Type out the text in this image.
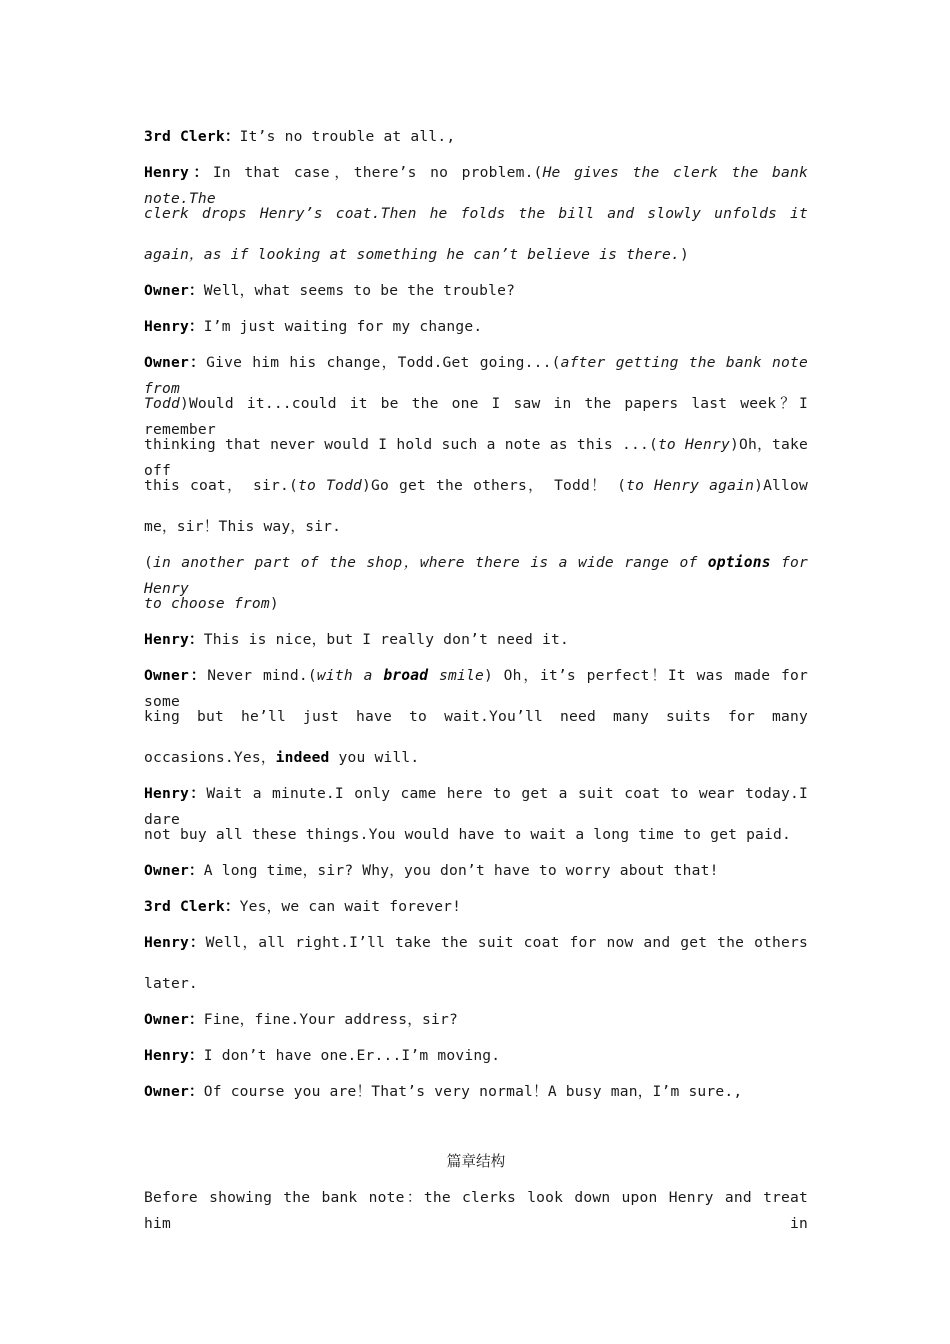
3rd Clerk：It’s no trouble at all.,
Henry：In that case，there’s no problem.(He gives the clerk the bank note.The
clerk drops Henry’s coat.Then he folds the bill and slowly unfolds it
again，as if looking at something he can’t believe is there.)
Owner：Well，what seems to be the trouble?
Henry：I’m just waiting for my change.
Owner：Give him his change，Todd.Get going...(after getting the bank note from
Todd)Would it...could it be the one I saw in the papers last week？I remember
thinking that never would I hold such a note as this ...(to Henry)Oh，take off
this coat， sir.(to Todd)Go get the others， Todd！ (to Henry again)Allow
me，sir！This way，sir.
(in another part of the shop，where there is a wide range of options for Henry
to choose from)
Henry：This is nice，but I really don’t need it.
Owner：Never mind.(with a broad smile) Oh，it’s perfect！It was made for some
king but he’ll just have to wait.You’ll need many suits for many
occasions.Yes，indeed you will.
Henry：Wait a minute.I only came here to get a suit coat to wear today.I dare
not buy all these things.You would have to wait a long time to get paid.
Owner：A long time，sir? Why，you don’t have to worry about that!
3rd Clerk：Yes，we can wait forever!
Henry：Well，all right.I’ll take the suit coat for now and get the others
later.
Owner：Fine，fine.Your address，sir?
Henry：I don’t have one.Er...I’m moving.
Owner：Of course you are！That’s very normal！A busy man，I’m sure.,
篇章结构
Before showing the bank note：the clerks look down upon Henry and treat him in
